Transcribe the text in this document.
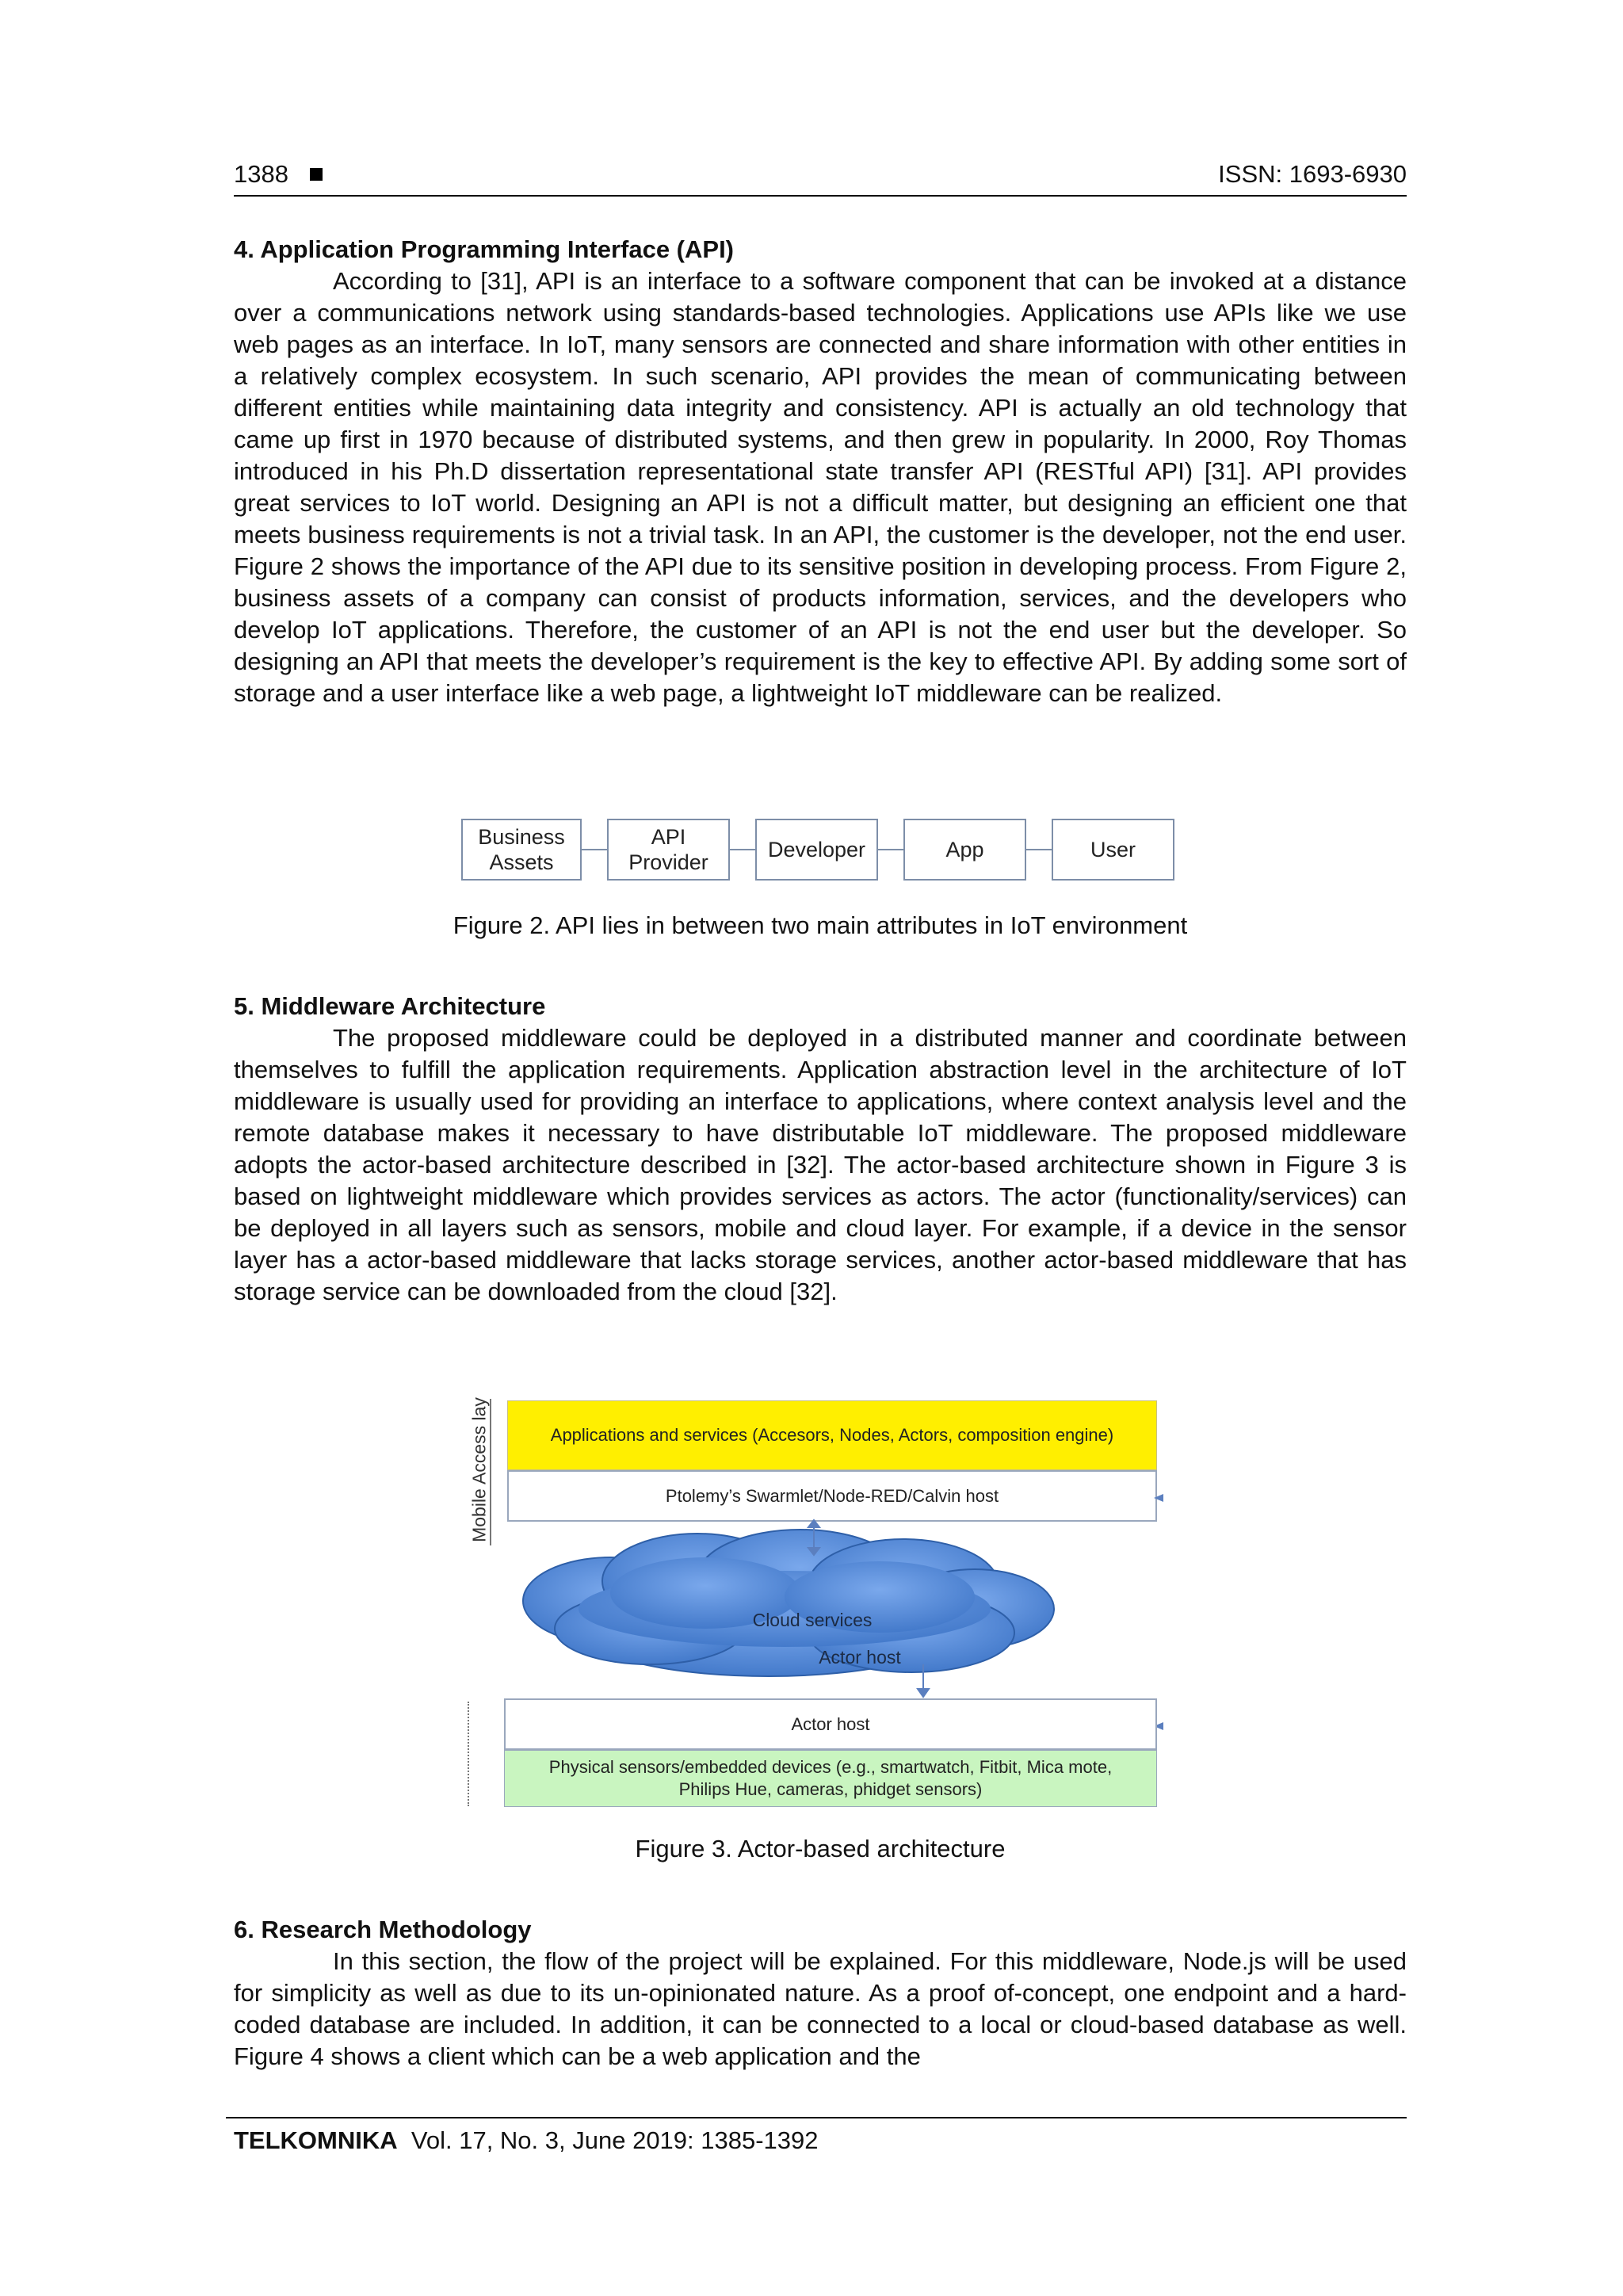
1388	ISSN: 1693-6930
4. Application Programming Interface (API)

According to [31], API is an interface to a software component that can be invoked at a distance over a communications network using standards-based technologies. Applications use APIs like we use web pages as an interface. In IoT, many sensors are connected and share information with other entities in a relatively complex ecosystem. In such scenario, API provides the mean of communicating between different entities while maintaining data integrity and consistency. API is actually an old technology that came up first in 1970 because of distributed systems, and then grew in popularity. In 2000, Roy Thomas introduced in his Ph.D dissertation representational state transfer API (RESTful API) [31]. API provides great services to IoT world. Designing an API is not a difficult matter, but designing an efficient one that meets business requirements is not a trivial task. In an API, the customer is the developer, not the end user. Figure 2 shows the importance of the API due to its sensitive position in developing process. From Figure 2, business assets of a company can consist of products information, services, and the developers who develop IoT applications. Therefore, the customer of an API is not the end user but the developer. So designing an API that meets the developer’s requirement is the key to effective API. By adding some sort of storage and a user interface like a web page, a lightweight IoT middleware can be realized.

Business
Assets
API
Provider
Developer	App	User
Figure 2. API lies in between two main attributes in IoT environment
5. Middleware Architecture

The proposed middleware could be deployed in a distributed manner and coordinate between themselves to fulfill the application requirements. Application abstraction level in the architecture of IoT middleware is usually used for providing an interface to applications, where context analysis level and the remote database makes it necessary to have distributable IoT middleware. The proposed middleware adopts the actor-based architecture described in [32]. The actor-based architecture shown in Figure 3 is based on lightweight middleware which provides services as actors. The actor (functionality/services) can be deployed in all layers such as sensors, mobile and cloud layer. For example, if a device in the sensor layer has a actor-based middleware that lacks storage services, another actor-based middleware that has storage service can be downloaded from the cloud [32].

Mobile Access lay	Applications and services (Accesors, Nodes, Actors, composition engine)
Ptolemy’s Swarmlet/Node-RED/Calvin host
Cloud services
Actor host
Actor host
Physical sensors/embedded devices (e.g., smartwatch, Fitbit, Mica mote,
Philips Hue, cameras, phidget sensors)
Figure 3. Actor-based architecture
6. Research Methodology

In this section, the flow of the project will be explained. For this middleware, Node.js will be used for simplicity as well as due to its un-opinionated nature. As a proof of-concept, one endpoint and a hard-coded database are included. In addition, it can be connected to a local or cloud-based database as well. Figure 4 shows a client which can be a web application and the

TELKOMNIKA Vol. 17, No. 3, June 2019: 1385-1392
